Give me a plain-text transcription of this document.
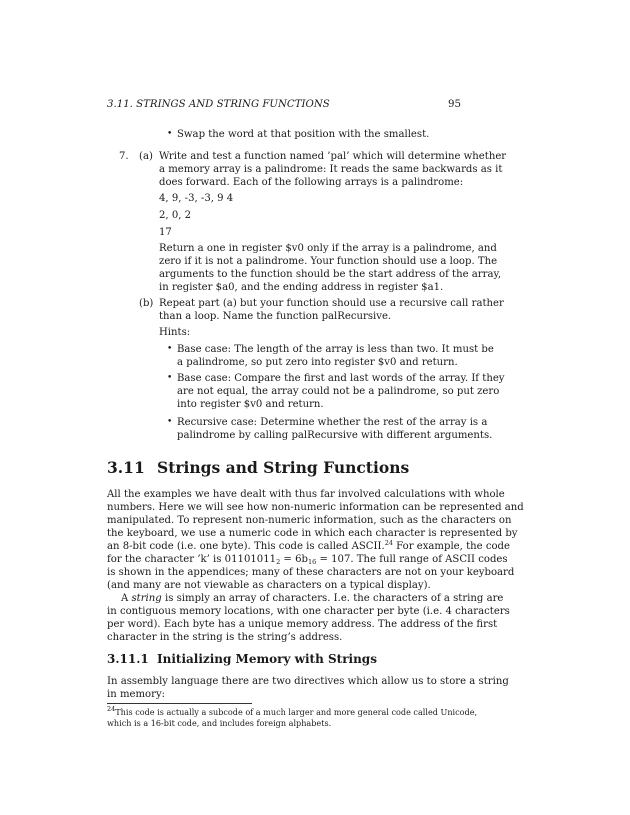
3.11. STRINGS AND STRING FUNCTIONS	95
• Swap the word at that position with the smallest.
7. (a) Write and test a function named ’pal’ which will determine whether
a memory array is a palindrome: It reads the same backwards as it
does forward. Each of the following arrays is a palindrome:
4, 9, -3, -3, 9 4
2, 0, 2
17
Return a one in register $v0 only if the array is a palindrome, and
zero if it is not a palindrome. Your function should use a loop. The
arguments to the function should be the start address of the array,
in register $a0, and the ending address in register $a1.
(b) Repeat part (a) but your function should use a recursive call rather
than a loop. Name the function palRecursive.
Hints:
• Base case: The length of the array is less than two. It must be
a palindrome, so put zero into register $v0 and return.
• Base case: Compare the first and last words of the array. If they
are not equal, the array could not be a palindrome, so put zero
into register $v0 and return.
• Recursive case: Determine whether the rest of the array is a
palindrome by calling palRecursive with different arguments.
3.11 Strings and String Functions
All the examples we have dealt with thus far involved calculations with whole
numbers. Here we will see how non-numeric information can be represented and
manipulated. To represent non-numeric information, such as the characters on
the keyboard, we use a numeric code in which each character is represented by
an 8-bit code (i.e. one byte). This code is called ASCII.$^{24}$ For example, the code
for the character ’k’ is $01101011_2 = 6b_{16} = 107$. The full range of ASCII codes
is shown in the appendices; many of these characters are not on your keyboard
(and many are not viewable as characters on a typical display).
A string is simply an array of characters. I.e. the characters of a string are
in contiguous memory locations, with one character per byte (i.e. 4 characters
per word). Each byte has a unique memory address. The address of the first
character in the string is the string’s address.
3.11.1 Initializing Memory with Strings
In assembly language there are two directives which allow us to store a string
in memory:
$^{24}$This code is actually a subcode of a much larger and more general code called Unicode,
which is a 16-bit code, and includes foreign alphabets.
